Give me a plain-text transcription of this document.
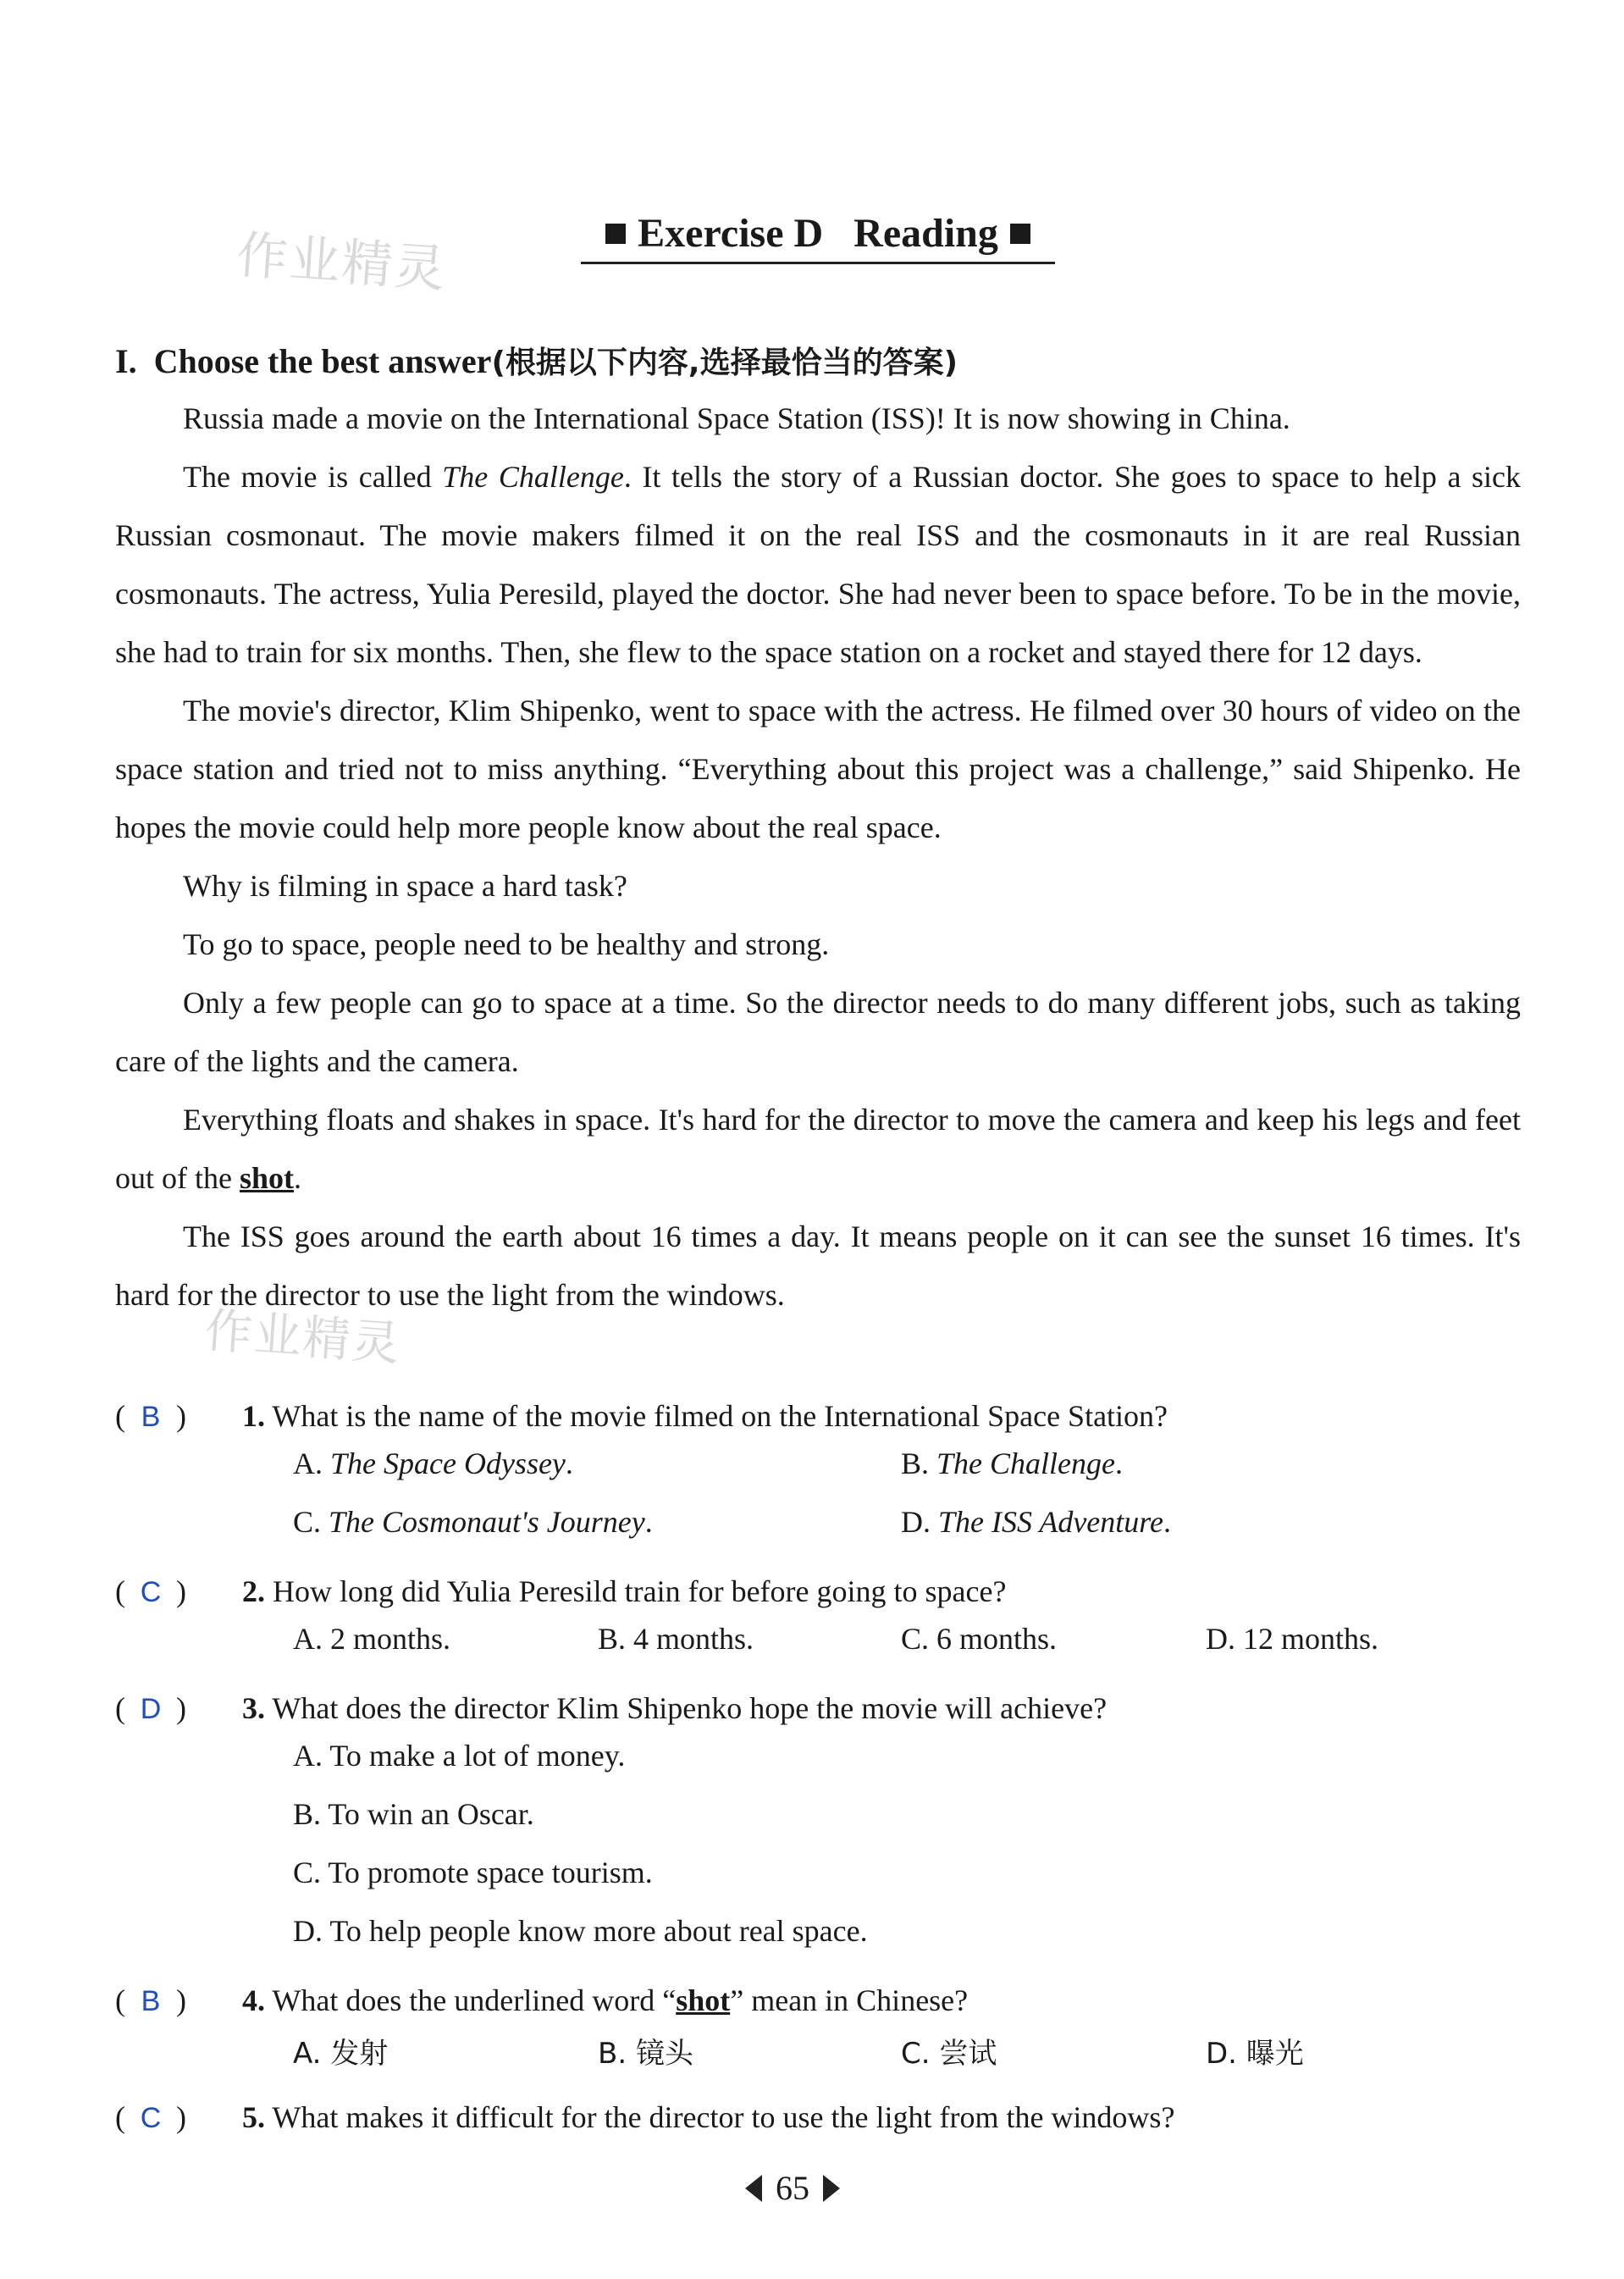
作业精灵
作业精灵
Exercise D   Reading
I.  Choose the best answer(根据以下内容,选择最恰当的答案)

Russia made a movie on the International Space Station (ISS)! It is now showing in China.

The movie is called The Challenge. It tells the story of a Russian doctor. She goes to space to help a sick Russian cosmonaut. The movie makers filmed it on the real ISS and the cosmonauts in it are real Russian cosmonauts. The actress, Yulia Peresild, played the doctor. She had never been to space before. To be in the movie, she had to train for six months. Then, she flew to the space station on a rocket and stayed there for 12 days.

The movie's director, Klim Shipenko, went to space with the actress. He filmed over 30 hours of video on the space station and tried not to miss anything. “Everything about this project was a challenge,” said Shipenko. He hopes the movie could help more people know about the real space.

Why is filming in space a hard task?

To go to space, people need to be healthy and strong.

Only a few people can go to space at a time. So the director needs to do many different jobs, such as taking care of the lights and the camera.

Everything floats and shakes in space. It's hard for the director to move the camera and keep his legs and feet out of the shot.

The ISS goes around the earth about 16 times a day. It means people on it can see the sunset 16 times. It's hard for the director to use the light from the windows.

( B ) 1. What is the name of the movie filmed on the International Space Station?
A. The Space Odyssey.	B. The Challenge.
C. The Cosmonaut's Journey.	D. The ISS Adventure.
( C ) 2. How long did Yulia Peresild train for before going to space?
A. 2 months.	B. 4 months.	C. 6 months.	D. 12 months.
( D ) 3. What does the director Klim Shipenko hope the movie will achieve?
A. To make a lot of money.
B. To win an Oscar.
C. To promote space tourism.
D. To help people know more about real space.
( B ) 4. What does the underlined word “shot” mean in Chinese?
A. 发射	B. 镜头	C. 尝试	D. 曝光
( C ) 5. What makes it difficult for the director to use the light from the windows?
65
